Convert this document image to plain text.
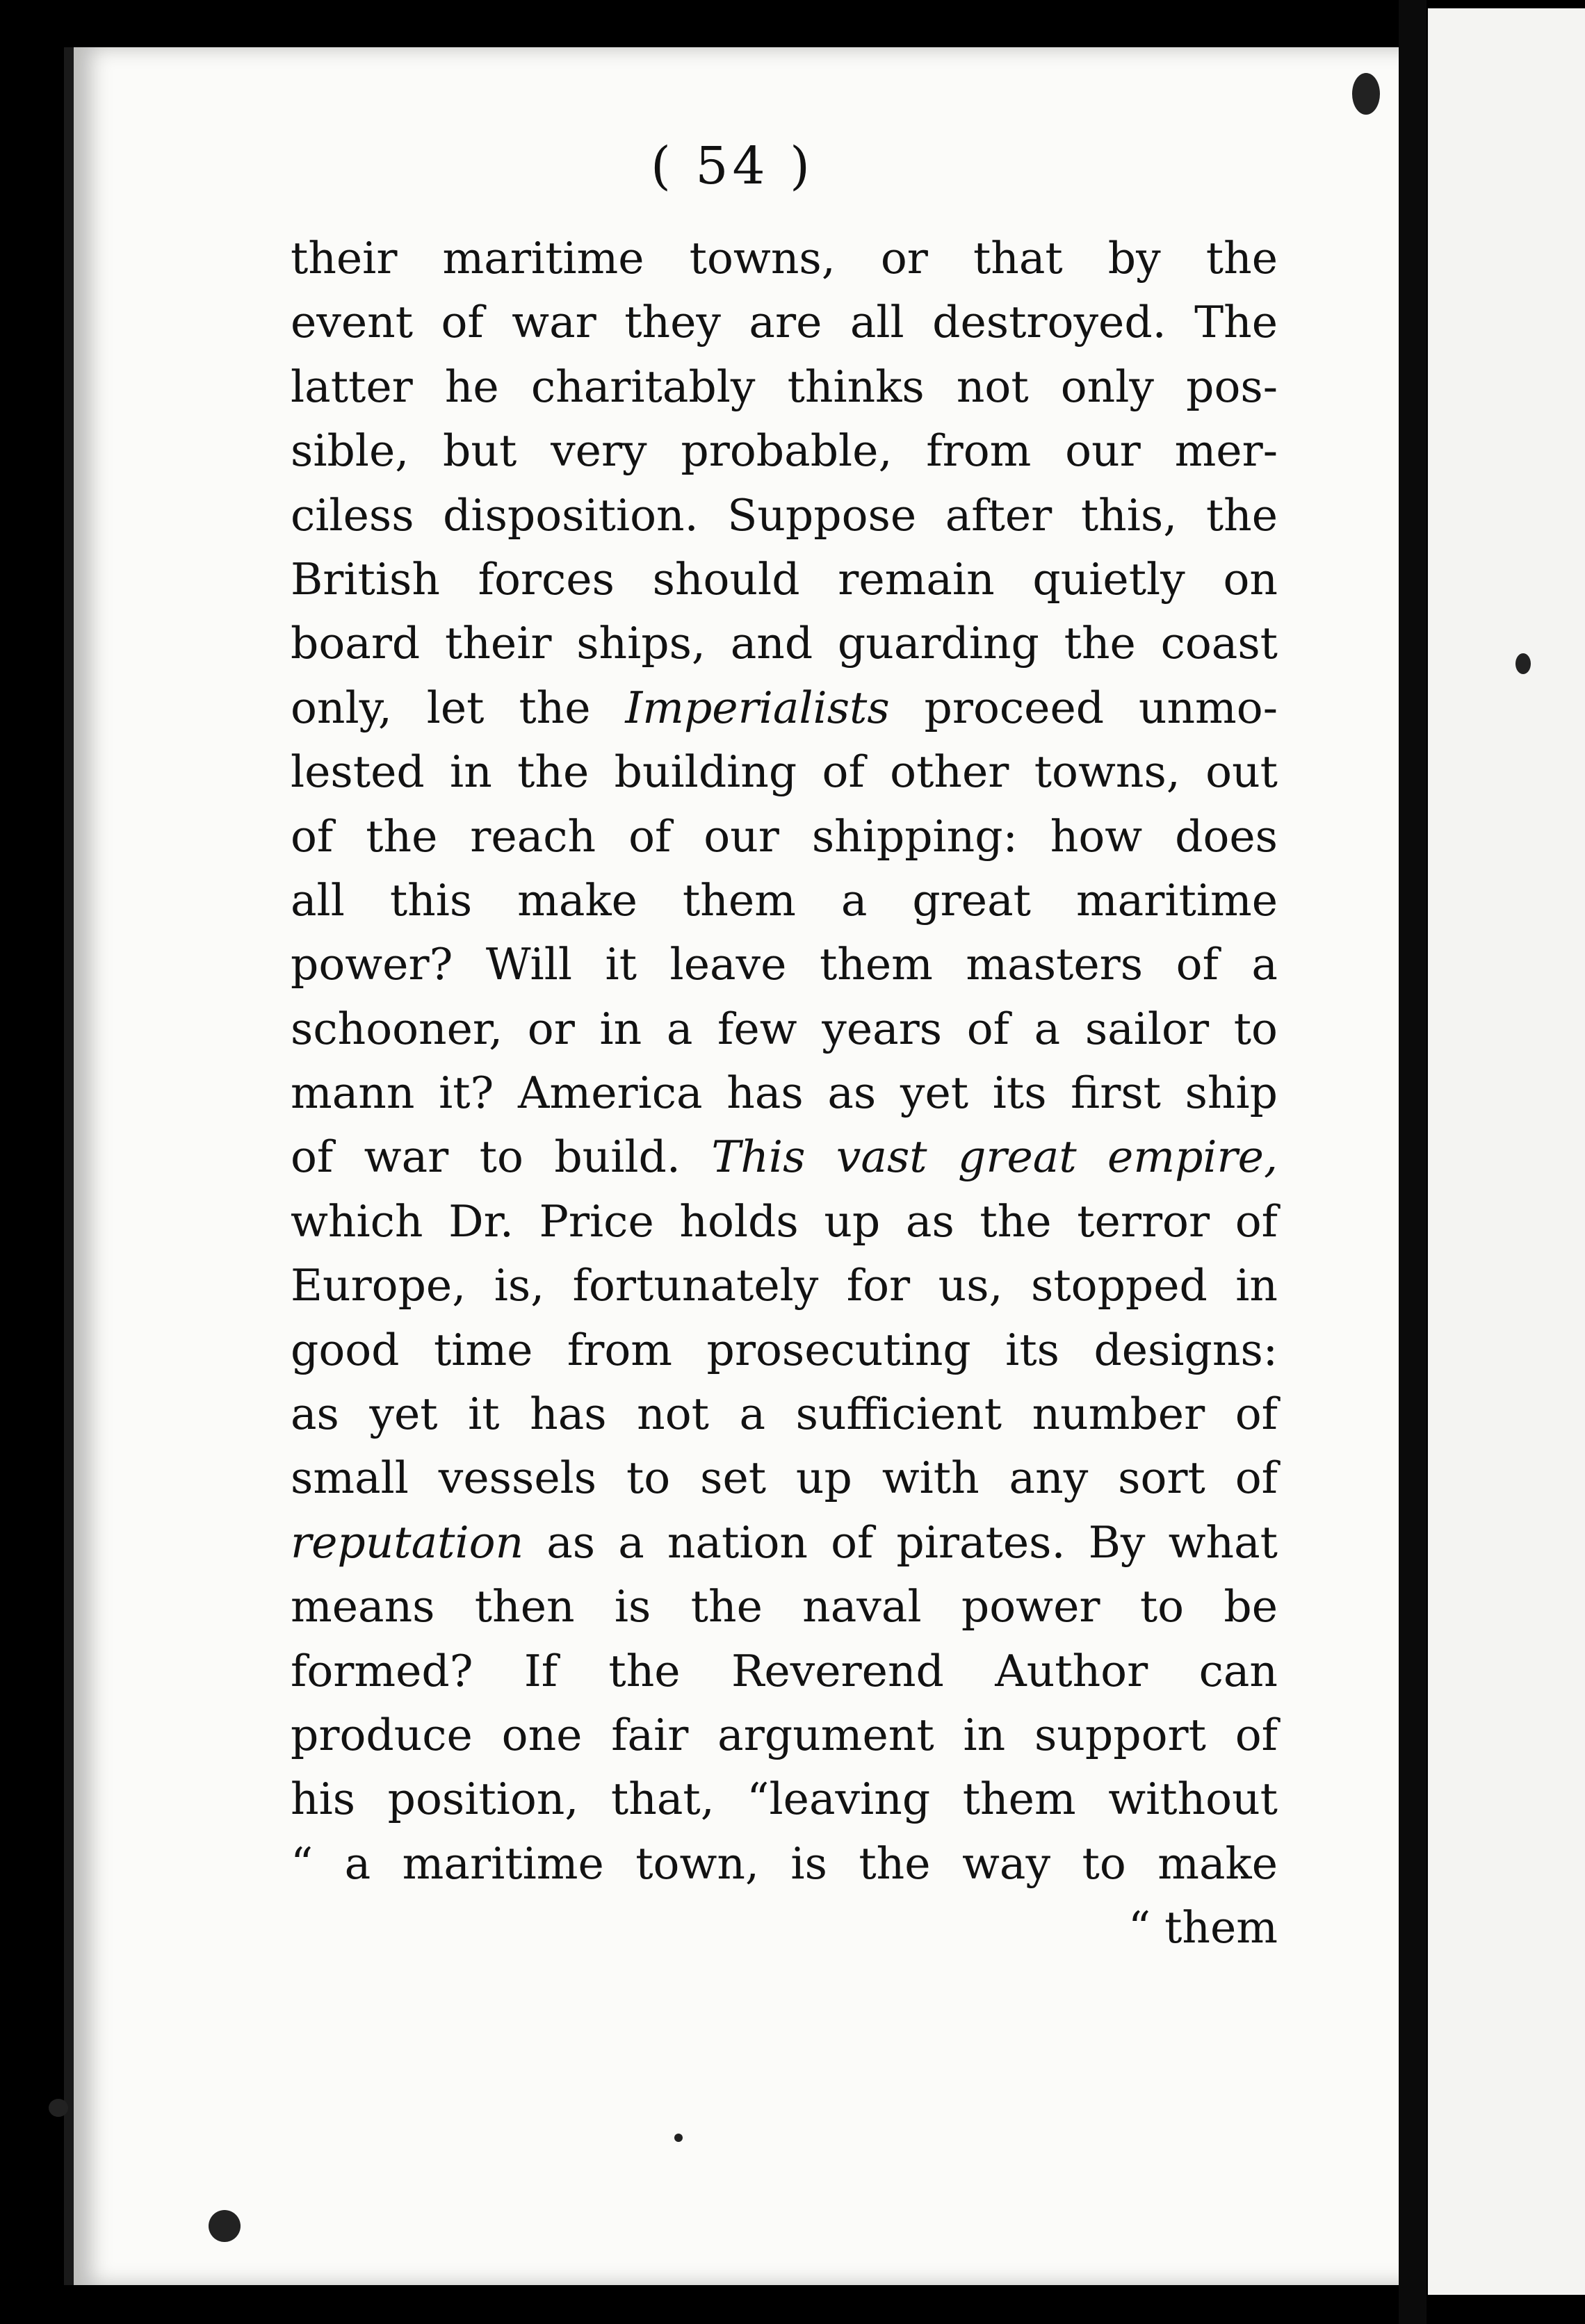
( 54 )
their maritime towns, or that by the
event of war they are all destroyed. The
latter he charitably thinks not only pos-
sible, but very probable, from our mer-
ciless disposition. Suppose after this, the
British forces should remain quietly on
board their ships, and guarding the coast
only, let the Imperialists proceed unmo-
lested in the building of other towns, out
of the reach of our shipping: how does
all this make them a great maritime
power? Will it leave them masters of a
schooner, or in a few years of a sailor to
mann it? America has as yet its first ship
of war to build. This vast great empire,
which Dr. Price holds up as the terror of
Europe, is, fortunately for us, stopped in
good time from prosecuting its designs:
as yet it has not a sufficient number of
small vessels to set up with any sort of
reputation as a nation of pirates. By what
means then is the naval power to be
formed? If the Reverend Author can
produce one fair argument in support of
his position, that, “leaving them without
“ a maritime town, is the way to make
“ them
